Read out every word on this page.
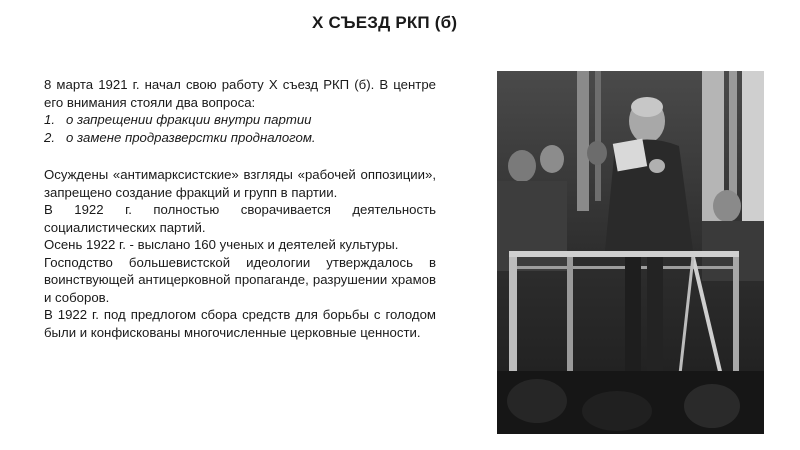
X СЪЕЗД РКП (б)

8 марта 1921 г. начал свою работу Х съезд РКП (б). В центре его внимания стояли два вопроса:

1. о запрещении фракции внутри партии
2. о замене продразверстки продналогом.

Осуждены «антимарксистские» взгляды «рабочей оппозиции», запрещено создание фракций и групп в партии.

В 1922 г. полностью сворачивается деятельность социалистических партий.

Осень 1922 г. - выслано 160 ученых и деятелей культуры.

Господство большевистской идеологии утверждалось в воинствующей антицерковной пропаганде, разрушении храмов и соборов.

В 1922 г. под предлогом сбора средств для борьбы с голодом были и конфискованы многочисленные церковные ценности.
